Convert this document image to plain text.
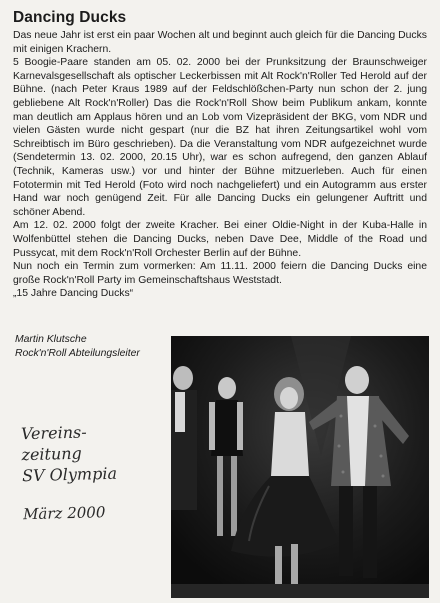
Dancing Ducks

Das neue Jahr ist erst ein paar Wochen alt und beginnt auch gleich für die Dancing Ducks mit einigen Krachern.

5 Boogie-Paare standen am 05. 02. 2000 bei der Prunksitzung der Braunschweiger Karnevalsgesellschaft als optischer Leckerbissen mit Alt Rock'n'Roller Ted Herold auf der Bühne. (nach Peter Kraus 1989 auf der Feldschlößchen-Party nun schon der 2. jung gebliebene Alt Rock'n'Roller) Das die Rock'n'Roll Show beim Publikum ankam, konnte man deutlich am Applaus hören und an Lob vom Vizepräsident der BKG, vom NDR und vielen Gästen wurde nicht gespart (nur die BZ hat ihren Zeitungsartikel wohl vom Schreibtisch im Büro geschrieben). Da die Veranstaltung vom NDR aufgezeichnet wurde (Sendetermin 13. 02. 2000, 20.15 Uhr), war es schon aufregend, den ganzen Ablauf (Technik, Kameras usw.) vor und hinter der Bühne mitzuerleben. Auch für einen Fototermin mit Ted Herold (Foto wird noch nachgeliefert) und ein Autogramm aus erster Hand war noch genügend Zeit. Für alle Dancing Ducks ein gelungener Auftritt und schöner Abend.

Am 12. 02. 2000 folgt der zweite Kracher. Bei einer Oldie-Night in der Kuba-Halle in Wolfenbüttel stehen die Dancing Ducks, neben Dave Dee, Middle of the Road und Pussycat, mit dem Rock'n'Roll Orchester Berlin auf der Bühne.

Nun noch ein Termin zum vormerken: Am 11.11. 2000 feiern die Dancing Ducks eine große Rock'n'Roll Party im Gemeinschaftshaus Weststadt.

„15 Jahre Dancing Ducks“

Martin Klutsche
Rock'n'Roll Abteilungsleiter
Vereins-
zeitung
SV Olympia
März 2000
